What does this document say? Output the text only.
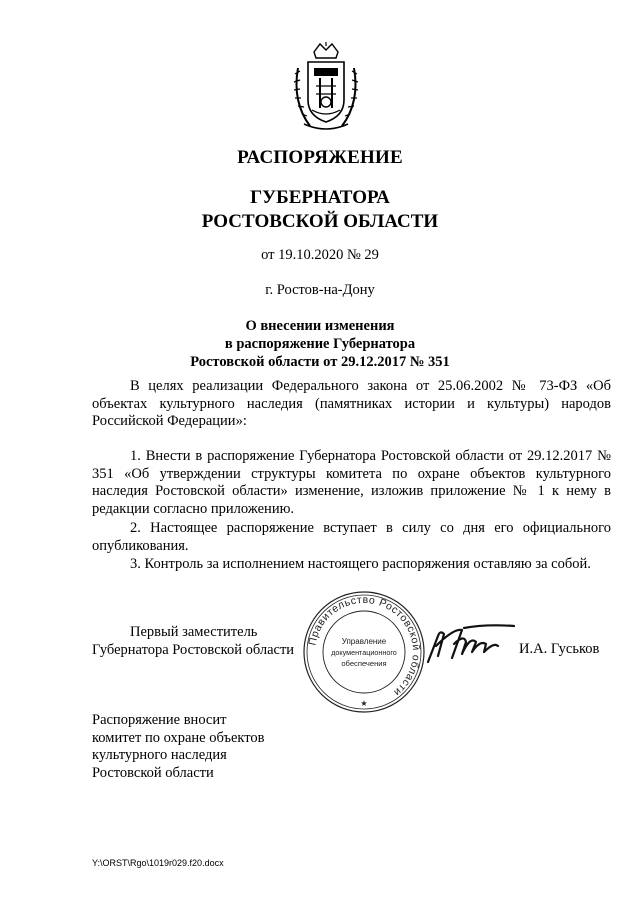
РАСПОРЯЖЕНИЕ
ГУБЕРНАТОРА
РОСТОВСКОЙ ОБЛАСТИ
от 19.10.2020 № 29
г. Ростов-на-Дону
О внесении изменения
в распоряжение Губернатора
Ростовской области от 29.12.2017 № 351
В целях реализации Федерального закона от 25.06.2002 № 73-ФЗ «Об объектах культурного наследия (памятниках истории и культуры) народов Российской Федерации»:
1. Внести в распоряжение Губернатора Ростовской области от 29.12.2017 № 351 «Об утверждении структуры комитета по охране объектов культурного наследия Ростовской области» изменение, изложив приложение № 1 к нему в редакции согласно приложению.
2. Настоящее распоряжение вступает в силу со дня его официального опубликования.
3. Контроль за исполнением настоящего распоряжения оставляю за собой.
Правительство Ростовской области
Управление
документационного
обеспечения
★
Первый заместитель
Губернатора Ростовской области	И.А. Гуськов
Распоряжение вносит
комитет по охране объектов
культурного наследия
Ростовской области
Y:\ORST\Rgo\1019r029.f20.docx
